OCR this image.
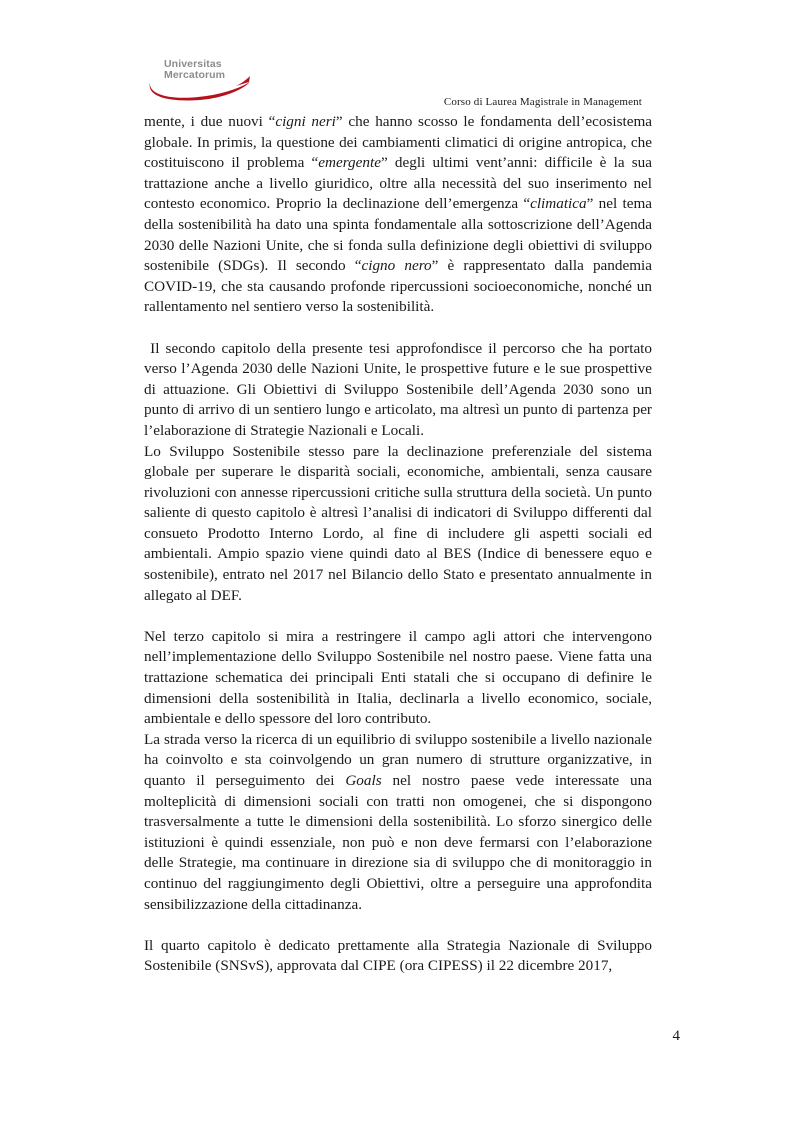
Universitas
Mercatorum
Corso di Laurea Magistrale in Management

mente, i due nuovi “cigni neri” che hanno scosso le fondamenta dell’ecosistema globale. In primis, la questione dei cambiamenti climatici di origine antropica, che costituiscono il problema “emergente” degli ultimi vent’anni: difficile è la sua trattazione anche a livello giuridico, oltre alla necessità del suo inserimento nel contesto economico. Proprio la declinazione dell’emergenza “climatica” nel tema della sostenibilità ha dato una spinta fondamentale alla sottoscrizione dell’Agenda 2030 delle Nazioni Unite, che si fonda sulla definizione degli obiettivi di sviluppo sostenibile (SDGs). Il secondo “cigno nero” è rappresentato dalla pandemia COVID-19, che sta causando profonde ripercussioni socioeconomiche, nonché un rallentamento nel sentiero verso la sostenibilità.

Il secondo capitolo della presente tesi approfondisce il percorso che ha portato verso l’Agenda 2030 delle Nazioni Unite, le prospettive future e le sue prospettive di attuazione. Gli Obiettivi di Sviluppo Sostenibile dell’Agenda 2030 sono un punto di arrivo di un sentiero lungo e articolato, ma altresì un punto di partenza per l’elaborazione di Strategie Nazionali e Locali.

Lo Sviluppo Sostenibile stesso pare la declinazione preferenziale del sistema globale per superare le disparità sociali, economiche, ambientali, senza causare rivoluzioni con annesse ripercussioni critiche sulla struttura della società. Un punto saliente di questo capitolo è altresì l’analisi di indicatori di Sviluppo differenti dal consueto Prodotto Interno Lordo, al fine di includere gli aspetti sociali ed ambientali. Ampio spazio viene quindi dato al BES (Indice di benessere equo e sostenibile), entrato nel 2017 nel Bilancio dello Stato e presentato annualmente in allegato al DEF.

Nel terzo capitolo si mira a restringere il campo agli attori che intervengono nell’implementazione dello Sviluppo Sostenibile nel nostro paese. Viene fatta una trattazione schematica dei principali Enti statali che si occupano di definire le dimensioni della sostenibilità in Italia, declinarla a livello economico, sociale, ambientale e dello spessore del loro contributo.

La strada verso la ricerca di un equilibrio di sviluppo sostenibile a livello nazionale ha coinvolto e sta coinvolgendo un gran numero di strutture organizzative, in quanto il perseguimento dei Goals nel nostro paese vede interessate una molteplicità di dimensioni sociali con tratti non omogenei, che si dispongono trasversalmente a tutte le dimensioni della sostenibilità. Lo sforzo sinergico delle istituzioni è quindi essenziale, non può e non deve fermarsi con l’elaborazione delle Strategie, ma continuare in direzione sia di sviluppo che di monitoraggio in continuo del raggiungimento degli Obiettivi, oltre a perseguire una approfondita sensibilizzazione della cittadinanza.

Il quarto capitolo è dedicato prettamente alla Strategia Nazionale di Sviluppo Sostenibile (SNSvS), approvata dal CIPE (ora CIPESS) il 22 dicembre 2017,

4
